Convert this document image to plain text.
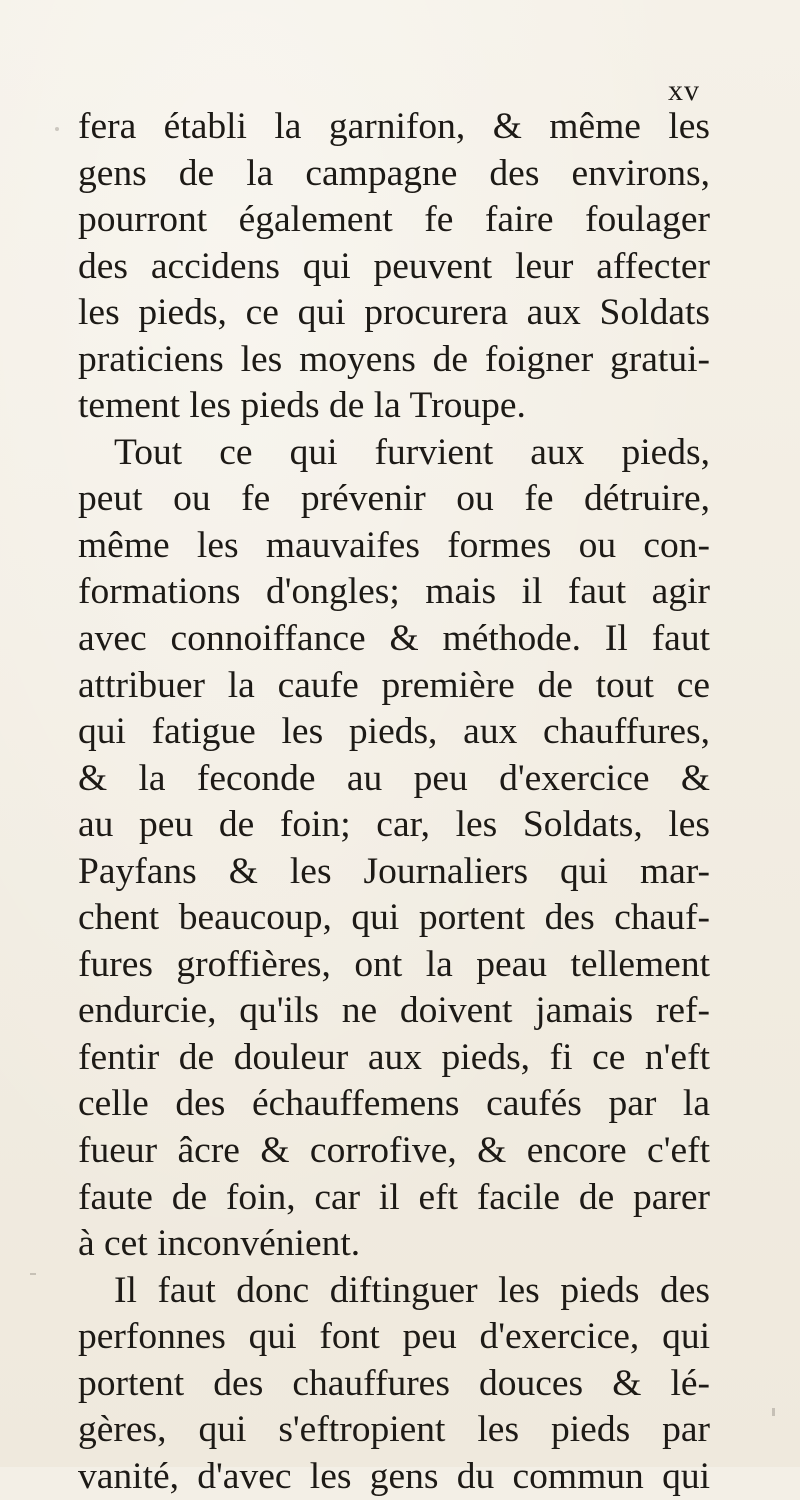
xv
fera établi la garnifon, & même les
gens de la campagne des environs,
pourront également fe faire foulager
des accidens qui peuvent leur affecter
les pieds, ce qui procurera aux Soldats
praticiens les moyens de foigner gratui-
tement les pieds de la Troupe.
Tout ce qui furvient aux pieds,
peut ou fe prévenir ou fe détruire,
même les mauvaifes formes ou con-
formations d'ongles; mais il faut agir
avec connoiffance & méthode. Il faut
attribuer la caufe première de tout ce
qui fatigue les pieds, aux chauffures,
& la feconde au peu d'exercice &
au peu de foin; car, les Soldats, les
Payfans & les Journaliers qui mar-
chent beaucoup, qui portent des chauf-
fures groffières, ont la peau tellement
endurcie, qu'ils ne doivent jamais ref-
fentir de douleur aux pieds, fi ce n'eft
celle des échauffemens caufés par la
fueur âcre & corrofive, & encore c'eft
faute de foin, car il eft facile de parer
à cet inconvénient.
Il faut donc diftinguer les pieds des
perfonnes qui font peu d'exercice, qui
portent des chauffures douces & lé-
gères, qui s'eftropient les pieds par
vanité, d'avec les gens du commun qui
